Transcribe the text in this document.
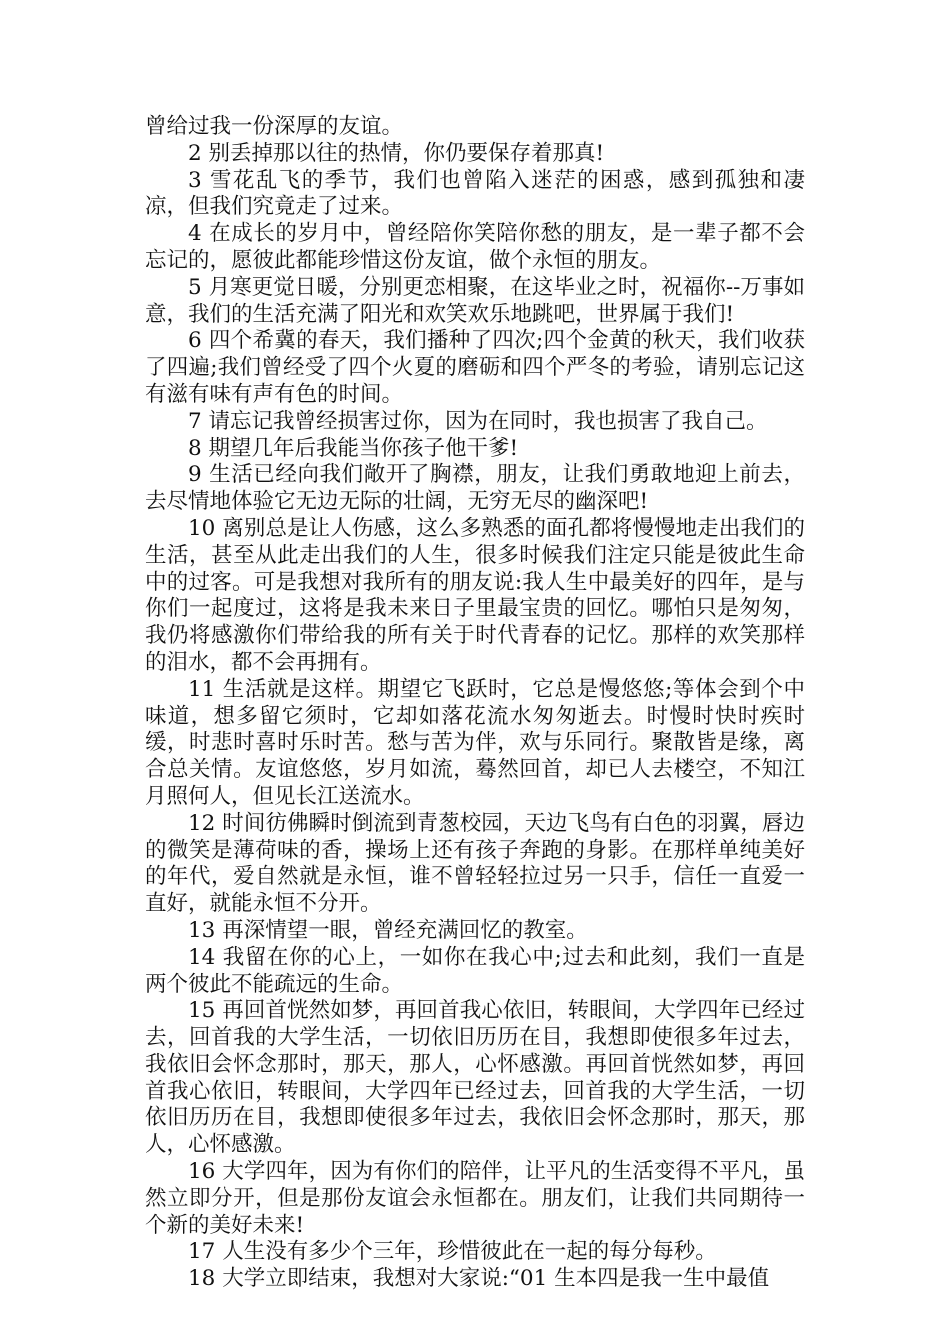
曾给过我一份深厚的友谊。

2 别丢掉那以往的热情，你仍要保存着那真!

3 雪花乱飞的季节，我们也曾陷入迷茫的困惑，感到孤独和凄凉，但我们究竟走了过来。

4 在成长的岁月中，曾经陪你笑陪你愁的朋友，是一辈子都不会忘记的，愿彼此都能珍惜这份友谊，做个永恒的朋友。

5 月寒更觉日暖，分别更恋相聚，在这毕业之时，祝福你--万事如意，我们的生活充满了阳光和欢笑欢乐地跳吧，世界属于我们!

6 四个希冀的春天，我们播种了四次;四个金黄的秋天，我们收获了四遍;我们曾经受了四个火夏的磨砺和四个严冬的考验，请别忘记这有滋有味有声有色的时间。

7 请忘记我曾经损害过你，因为在同时，我也损害了我自己。

8 期望几年后我能当你孩子他干爹!

9 生活已经向我们敞开了胸襟，朋友，让我们勇敢地迎上前去，去尽情地体验它无边无际的壮阔，无穷无尽的幽深吧!

10 离别总是让人伤感，这么多熟悉的面孔都将慢慢地走出我们的生活，甚至从此走出我们的人生，很多时候我们注定只能是彼此生命中的过客。可是我想对我所有的朋友说:我人生中最美好的四年，是与你们一起度过，这将是我未来日子里最宝贵的回忆。哪怕只是匆匆，我仍将感激你们带给我的所有关于时代青春的记忆。那样的欢笑那样的泪水，都不会再拥有。

11 生活就是这样。期望它飞跃时，它总是慢悠悠;等体会到个中味道，想多留它须时，它却如落花流水匆匆逝去。时慢时快时疾时缓，时悲时喜时乐时苦。愁与苦为伴，欢与乐同行。聚散皆是缘，离合总关情。友谊悠悠，岁月如流，蓦然回首，却已人去楼空，不知江月照何人，但见长江送流水。

12 时间彷佛瞬时倒流到青葱校园，天边飞鸟有白色的羽翼，唇边的微笑是薄荷味的香，操场上还有孩子奔跑的身影。在那样单纯美好的年代，爱自然就是永恒，谁不曾轻轻拉过另一只手，信任一直爱一直好，就能永恒不分开。

13 再深情望一眼，曾经充满回忆的教室。

14 我留在你的心上，一如你在我心中;过去和此刻，我们一直是两个彼此不能疏远的生命。

15 再回首恍然如梦，再回首我心依旧，转眼间，大学四年已经过去，回首我的大学生活，一切依旧历历在目，我想即使很多年过去，我依旧会怀念那时，那天，那人，心怀感激。再回首恍然如梦，再回首我心依旧，转眼间，大学四年已经过去，回首我的大学生活，一切依旧历历在目，我想即使很多年过去，我依旧会怀念那时，那天，那人，心怀感激。

16 大学四年，因为有你们的陪伴，让平凡的生活变得不平凡，虽然立即分开，但是那份友谊会永恒都在。朋友们，让我们共同期待一个新的美好未来!

17 人生没有多少个三年，珍惜彼此在一起的每分每秒。

18 大学立即结束，我想对大家说:“01 生本四是我一生中最值
